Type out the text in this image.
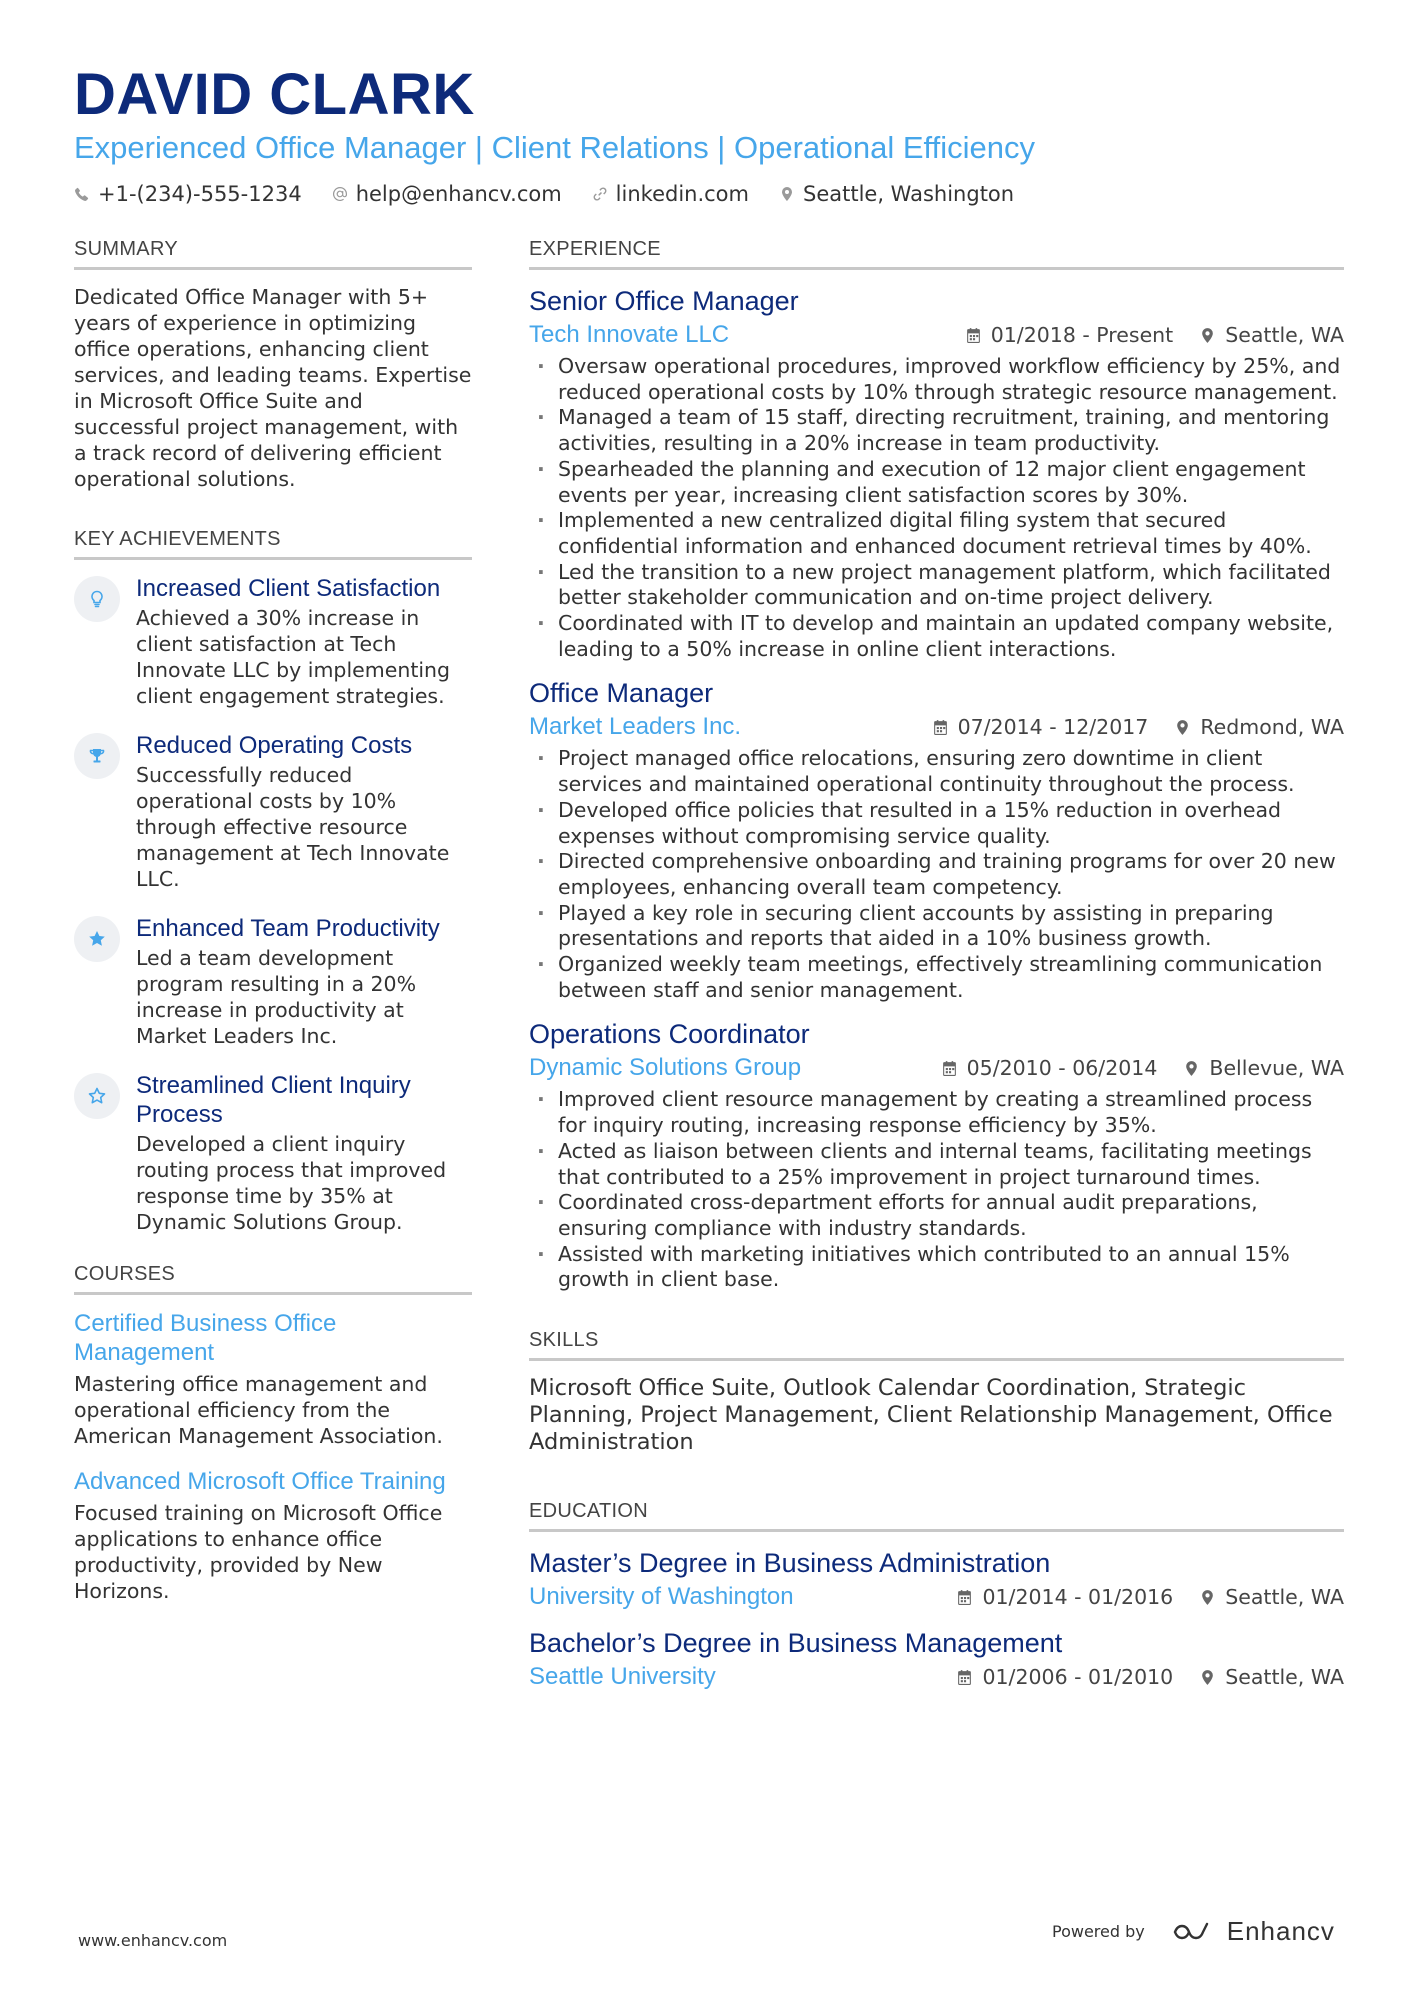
DAVID CLARK
Experienced Office Manager | Client Relations | Operational Efficiency
+1-(234)-555-1234	help@enhancv.com	linkedin.com	Seattle, Washington
SUMMARY

Dedicated Office Manager with 5+ years of experience in optimizing office operations, enhancing client services, and leading teams. Expertise in Microsoft Office Suite and successful project management, with a track record of delivering efficient operational solutions.

KEY ACHIEVEMENTS
Increased Client Satisfaction
Achieved a 30% increase in client satisfaction at Tech Innovate LLC by implementing client engagement strategies.
Reduced Operating Costs
Successfully reduced operational costs by 10% through effective resource management at Tech Innovate LLC.
Enhanced Team Productivity
Led a team development program resulting in a 20% increase in productivity at Market Leaders Inc.
Streamlined Client Inquiry Process
Developed a client inquiry routing process that improved response time by 35% at Dynamic Solutions Group.
COURSES
Certified Business Office Management
Mastering office management and operational efficiency from the American Management Association.
Advanced Microsoft Office Training
Focused training on Microsoft Office applications to enhance office productivity, provided by New Horizons.
EXPERIENCE
Senior Office Manager
Tech Innovate LLC	01/2018 - Present	Seattle, WA
· Oversaw operational procedures, improved workflow efficiency by 25%, and reduced operational costs by 10% through strategic resource management.
· Managed a team of 15 staff, directing recruitment, training, and mentoring activities, resulting in a 20% increase in team productivity.
· Spearheaded the planning and execution of 12 major client engagement events per year, increasing client satisfaction scores by 30%.
· Implemented a new centralized digital filing system that secured confidential information and enhanced document retrieval times by 40%.
· Led the transition to a new project management platform, which facilitated better stakeholder communication and on-time project delivery.
· Coordinated with IT to develop and maintain an updated company website, leading to a 50% increase in online client interactions.
Office Manager
Market Leaders Inc.	07/2014 - 12/2017	Redmond, WA
· Project managed office relocations, ensuring zero downtime in client services and maintained operational continuity throughout the process.
· Developed office policies that resulted in a 15% reduction in overhead expenses without compromising service quality.
· Directed comprehensive onboarding and training programs for over 20 new employees, enhancing overall team competency.
· Played a key role in securing client accounts by assisting in preparing presentations and reports that aided in a 10% business growth.
· Organized weekly team meetings, effectively streamlining communication between staff and senior management.
Operations Coordinator
Dynamic Solutions Group	05/2010 - 06/2014	Bellevue, WA
· Improved client resource management by creating a streamlined process for inquiry routing, increasing response efficiency by 35%.
· Acted as liaison between clients and internal teams, facilitating meetings that contributed to a 25% improvement in project turnaround times.
· Coordinated cross-department efforts for annual audit preparations, ensuring compliance with industry standards.
· Assisted with marketing initiatives which contributed to an annual 15% growth in client base.
SKILLS
Microsoft Office Suite, Outlook Calendar Coordination, Strategic Planning, Project Management, Client Relationship Management, Office Administration
EDUCATION
Master’s Degree in Business Administration
University of Washington	01/2014 - 01/2016	Seattle, WA
Bachelor’s Degree in Business Management
Seattle University	01/2006 - 01/2010	Seattle, WA
www.enhancv.com	Powered by	Enhancv
